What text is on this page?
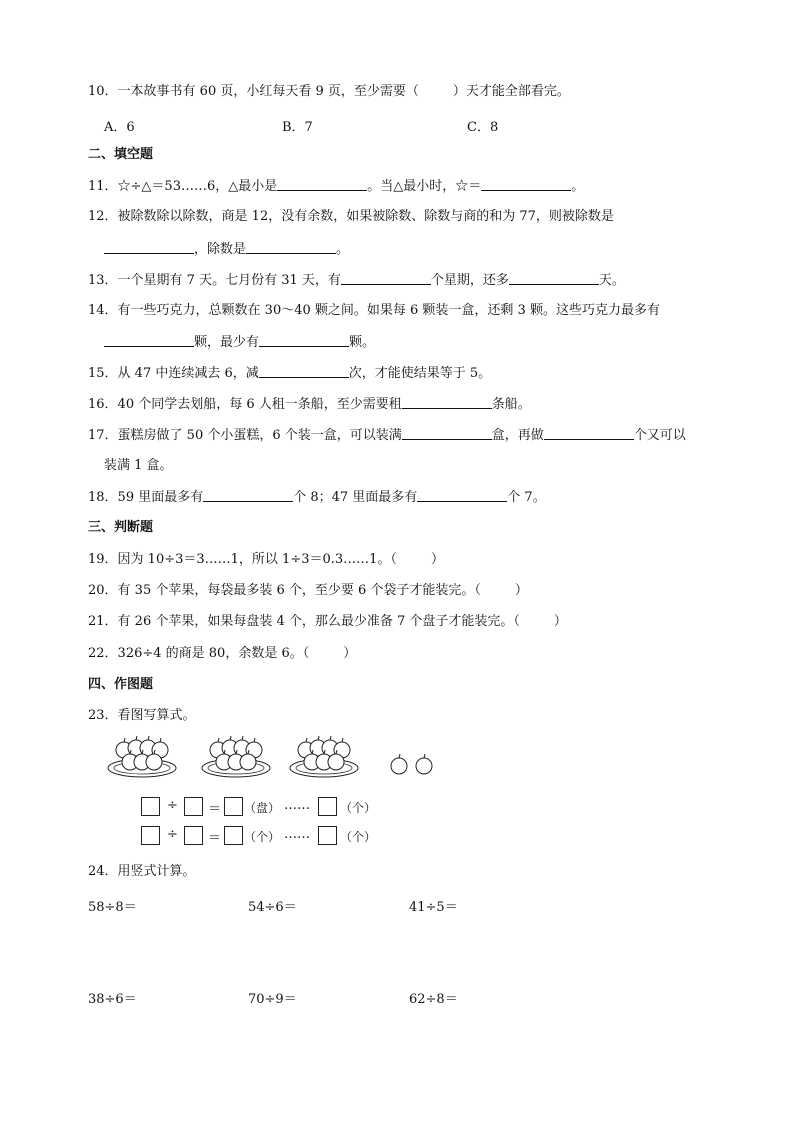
10．一本故事书有 60 页，小红每天看 9 页，至少需要（	）天才能全部看完。
A．6	B．7	C．8
二、填空题
11．☆÷△＝53……6，△最小是	。当△最小时，☆＝	。
12．被除数除以除数，商是 12，没有余数，如果被除数、除数与商的和为 77，则被除数是
，除数是	。
13．一个星期有 7 天。七月份有 31 天，有	个星期，还多	天。
14．有一些巧克力，总颗数在 30～40 颗之间。如果每 6 颗装一盒，还剩 3 颗。这些巧克力最多有
颗，最少有	颗。
15．从 47 中连续减去 6，减	次，才能使结果等于 5。
16．40 个同学去划船，每 6 人租一条船，至少需要租	条船。
17．蛋糕房做了 50 个小蛋糕，6 个装一盒，可以装满	盒，再做	个又可以
装满 1 盒。
18．59 里面最多有	个 8；47 里面最多有	个 7。
三、判断题
19．因为 10÷3＝3……1，所以 1÷3＝0.3……1。（	）
20．有 35 个苹果，每袋最多装 6 个，至少要 6 个袋子才能装完。（	）
21．有 26 个苹果，如果每盘装 4 个，那么最少准备 7 个盘子才能装完。（	）
22．326÷4 的商是 80，余数是 6。（	）
四、作图题
23．看图写算式。
÷ ＝ （盘） ……	（个）
÷ ＝ （个） ……	（个）
24．用竖式计算。
58÷8＝	54÷6＝	41÷5＝
38÷6＝	70÷9＝	62÷8＝
